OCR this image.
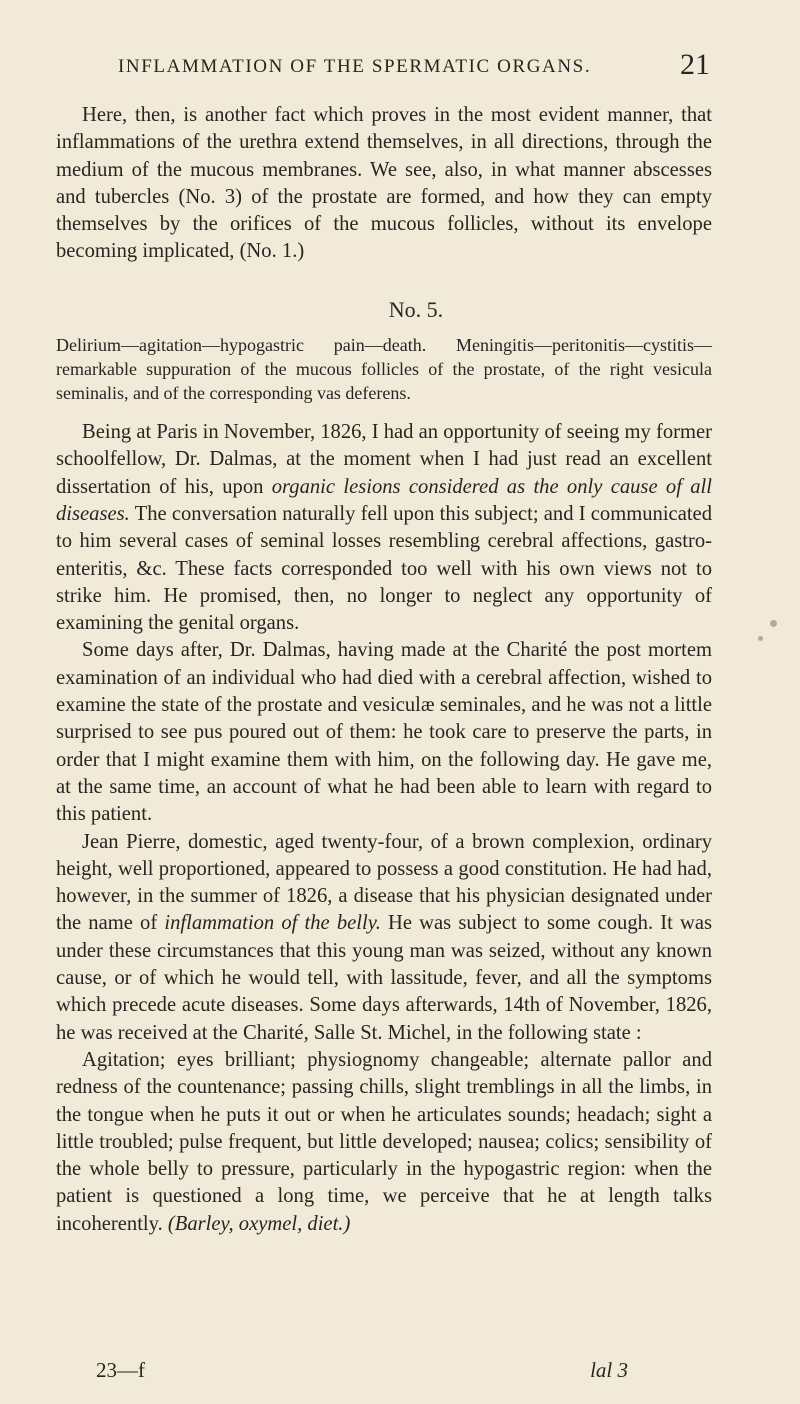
INFLAMMATION OF THE SPERMATIC ORGANS.	21

Here, then, is another fact which proves in the most evident manner, that inflammations of the urethra extend themselves, in all directions, through the medium of the mucous membranes. We see, also, in what manner abscesses and tubercles (No. 3) of the prostate are formed, and how they can empty themselves by the orifices of the mucous follicles, without its envelope becoming implicated, (No. 1.)

No. 5.

Delirium—agitation—hypogastric pain—death. Meningitis—peritonitis—cystitis—remarkable suppuration of the mucous follicles of the prostate, of the right vesicula seminalis, and of the corresponding vas deferens.

Being at Paris in November, 1826, I had an opportunity of seeing my former schoolfellow, Dr. Dalmas, at the moment when I had just read an excellent dissertation of his, upon organic lesions considered as the only cause of all diseases. The conversation naturally fell upon this subject; and I communicated to him several cases of seminal losses resembling cerebral affections, gastro-enteritis, &c. These facts corresponded too well with his own views not to strike him. He promised, then, no longer to neglect any opportunity of examining the genital organs.

Some days after, Dr. Dalmas, having made at the Charité the post mortem examination of an individual who had died with a cerebral affection, wished to examine the state of the prostate and vesiculæ seminales, and he was not a little surprised to see pus poured out of them: he took care to preserve the parts, in order that I might examine them with him, on the following day. He gave me, at the same time, an account of what he had been able to learn with regard to this patient.

Jean Pierre, domestic, aged twenty-four, of a brown complexion, ordinary height, well proportioned, appeared to possess a good constitution. He had had, however, in the summer of 1826, a disease that his physician designated under the name of inflammation of the belly. He was subject to some cough. It was under these circumstances that this young man was seized, without any known cause, or of which he would tell, with lassitude, fever, and all the symptoms which precede acute diseases. Some days afterwards, 14th of November, 1826, he was received at the Charité, Salle St. Michel, in the following state :

Agitation; eyes brilliant; physiognomy changeable; alternate pallor and redness of the countenance; passing chills, slight tremblings in all the limbs, in the tongue when he puts it out or when he articulates sounds; headach; sight a little troubled; pulse frequent, but little developed; nausea; colics; sensibility of the whole belly to pressure, particularly in the hypogastric region: when the patient is questioned a long time, we perceive that he at length talks incoherently. (Barley, oxymel, diet.)

23—f	lal 3
